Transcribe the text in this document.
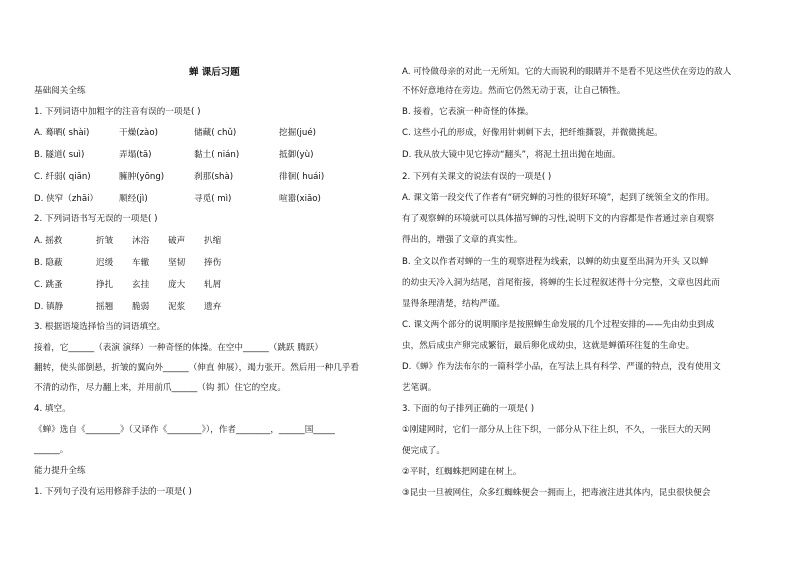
蝉 课后习题
基础阅关全练
1. 下列词语中加粗字的注音有误的一项是( )
A. 蓦晒( shài)	干燥(zào)	储藏( chǔ)	挖掘(jué)
B. 隧道( suì)	弄塌(tā)	黏土( nián)	抵御(yù)
C. 纤弱( qiān)	臃肿(yōng)	刹那(shà)	徘徊( huái)
D. 侠窄（zhāi） 顺经(jì)	寻觅( mì)	喧嚣(xiāo)
2. 下列词语书写无误的一项是( )
A. 摇救	折皱 沐浴 破声 扒缩
B. 隐蔽	迟缓 车辙 坚韧 捧伤
C. 跳蚤	挣扎 玄挂 庞大 轧屑
D. 镇静	摇翘 脆弱 泥浆 遗弃
3. 根据语境选择恰当的词语填空。
接着，它______（表演 演绎）一种奇怪的体操。在空中______（跳跃 腾跃）
翻转，使头部倒悬，折皱的翼向外______（伸直 伸展），竭力张开。然后用一种几乎看
不清的动作，尽力翻上来，并用前爪______（钩 抓）住它的空皮。
4. 填空。
《蝉》选自《________》（又译作《________》），作者________，______国_____
______。
能力提升全练
1. 下列句子没有运用修辞手法的一项是( )
A. 可怜做母亲的对此一无所知。它的大而锐利的眼睛并不是看不见这些伏在旁边的敌人
不怀好意地待在旁边。然而它仍然无动于衷，让自己牺牲。
B. 接着，它表演一种奇怪的体操。
C. 这些小孔的形成，好像用针刺刺下去，把纤维撕裂，并微微挑起。
D. 我从放大镜中见它捧动“翻头”，将泥土扭出抛在地面。
2. 下列有关课文的说法有误的一项是( )
A. 课文第一段交代了作者有“研究蝉的习性的很好环境”，起到了统领全文的作用。
有了观察蝉的环境就可以具体描写蝉的习性,说明下文的内容都是作者通过亲自观察
得出的，增强了文章的真实性。
B. 全文以作者对蝉的一生的观察进程为线索，以蝉的幼虫夏至出洞为开头 又以蝉
的幼虫天冷入洞为结尾，首尾衔接，将蝉的生长过程叙述得十分完整，文章也因此而
显得条理清楚，结构严谨。
C. 课文两个部分的说明顺序是按照蝉生命发展的几个过程安排的——先由幼虫到成
虫，然后成虫产卵完成繁衍，最后卵化成幼虫，这就是蝉循环往复的生命史。
D.《蝉》作为法布尔的一篇科学小品，在写法上具有科学、严谨的特点，没有使用文
艺笔调。
3. 下面的句子排列正确的一项是( )
①刚建网时，它们一部分从上往下织，一部分从下往上织，不久，一张巨大的天网
便完成了。
②平时，红蜘蛛把网建在树上。
③昆虫一旦被网住，众多红蜘蛛便会一拥而上，把毒液注进其体内，昆虫很快便会
